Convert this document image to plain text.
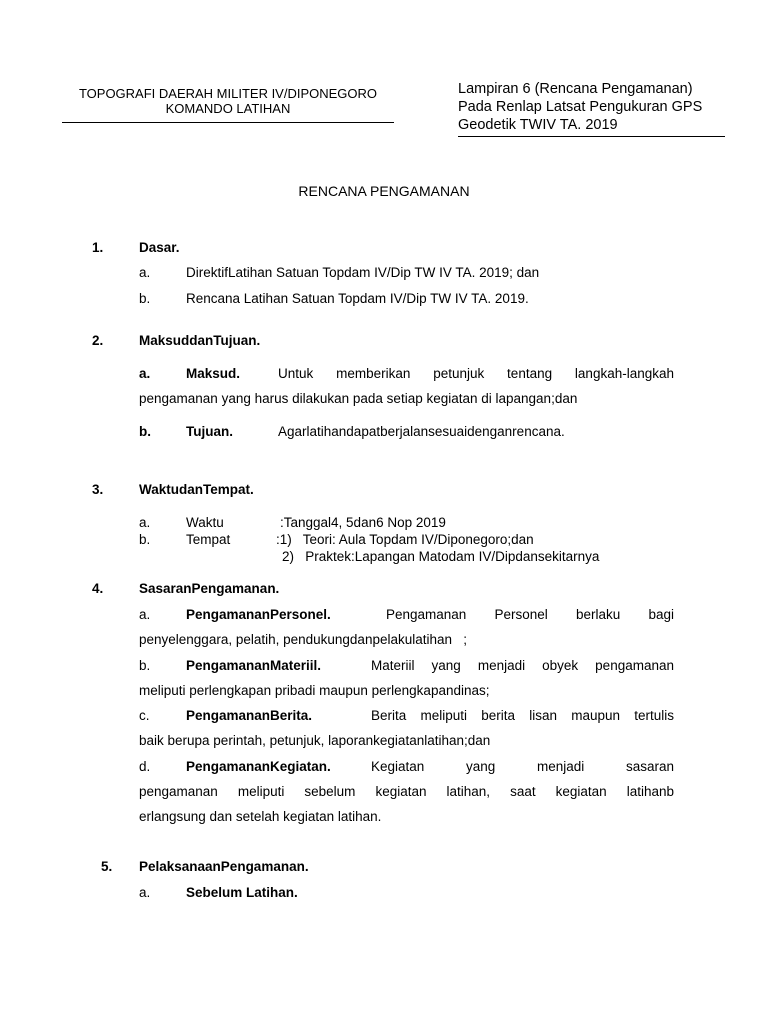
TOPOGRAFI DAERAH MILITER IV/DIPONEGORO
KOMANDO LATIHAN
Lampiran 6 (Rencana Pengamanan)
Pada Renlap Latsat Pengukuran GPS
Geodetik TWIV TA. 2019
RENCANA PENGAMANAN
1.	Dasar.
a.	DirektifLatihan Satuan Topdam IV/Dip TW IV TA. 2019; dan
b.	Rencana Latihan Satuan Topdam IV/Dip TW IV TA. 2019.
2.	MaksuddanTujuan.
a.	Maksud.	Untuk memberikan petunjuk tentang langkah-langkah
pengamanan yang harus dilakukan pada setiap kegiatan di lapangan;dan
b.	Tujuan.	Agarlatihandapatberjalansesuaidenganrencana.
3.	WaktudanTempat.
a.	Waktu	:Tanggal4, 5dan6 Nop 2019
b.	Tempat	:1)   Teori: Aula Topdam IV/Diponegoro;dan
2)   Praktek:Lapangan Matodam IV/Dipdansekitarnya
4.	SasaranPengamanan.
a.	PengamananPersonel.	Pengamanan Personel berlaku bagi
penyelenggara, pelatih, pendukungdanpelakulatihan   ;
b.	PengamananMateriil.	Materiil yang menjadi obyek pengamanan
meliputi perlengkapan pribadi maupun perlengkapandinas;
c.	PengamananBerita.	Berita meliputi berita lisan maupun tertulis
baik berupa perintah, petunjuk, laporankegiatanlatihan;dan
d.	PengamananKegiatan.	Kegiatan yang menjadi sasaran
pengamanan meliputi sebelum kegiatan latihan, saat kegiatan latihanb
erlangsung dan setelah kegiatan latihan.
5. PelaksanaanPengamanan.
a.	Sebelum Latihan.
